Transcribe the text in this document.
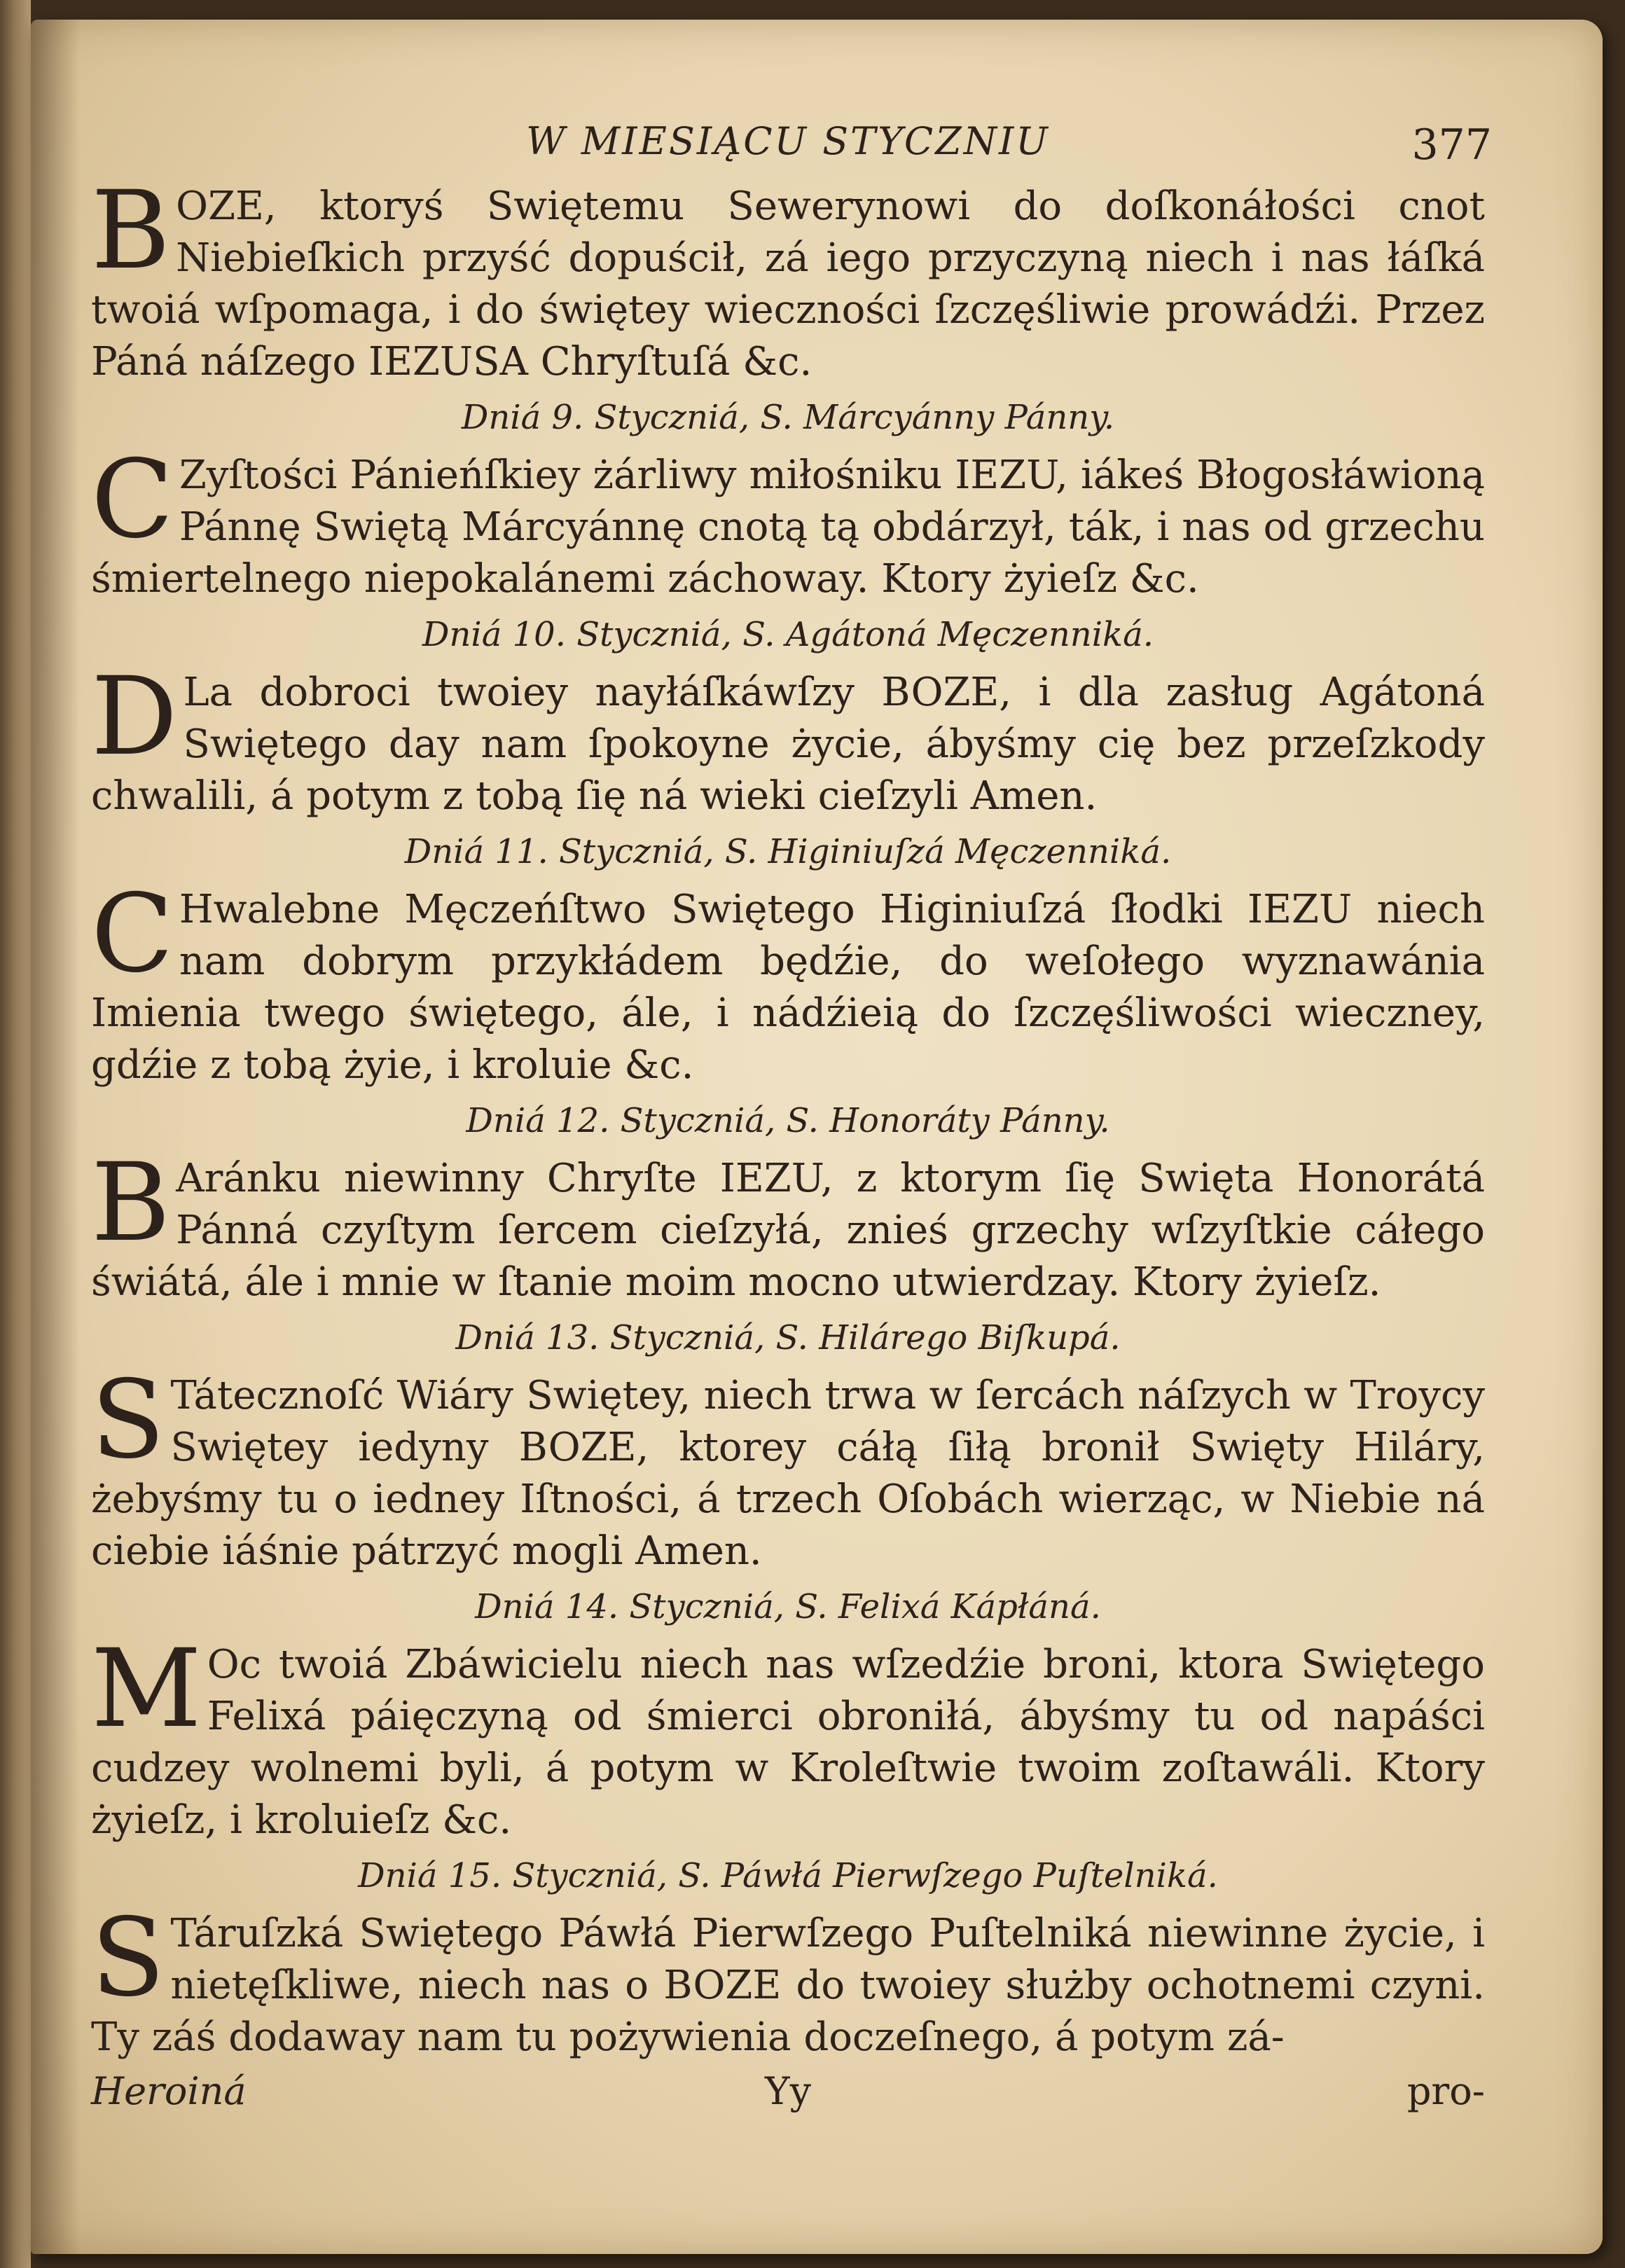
W MIESIĄCU STYCZNIU	377

BOZE, ktoryś Swiętemu Sewerynowi do doſkonáłości cnot Niebieſkich przyść dopuścił, zá iego przyczyną niech i nas łáſká twoiá wſpomaga, i do świętey wieczności ſzczęśliwie prowádźi. Przez Páná náſzego IEZUSA Chryſtuſá &c.

Dniá 9. Styczniá, S. Márcyánny Pánny.

C Zyſtości Pánieńſkiey żárliwy miłośniku IEZU, iákeś Błogosłáwioną Pánnę Swiętą Márcyánnę cnotą tą obdárzył, ták, i nas od grzechu śmiertelnego niepokalánemi záchoway. Ktory żyieſz &c.

Dniá 10. Styczniá, S. Agátoná Męczenniká.

D La dobroci twoiey nayłáſkáwſzy BOZE, i dla zasług Agátoná Swiętego day nam ſpokoyne życie, ábyśmy cię bez przeſzkody chwalili, á potym z tobą ſię ná wieki cieſzyli Amen.

Dniá 11. Styczniá, S. Higiniuſzá Męczenniká.

C Hwalebne Męczeńſtwo Swiętego Higiniuſzá ſłodki IEZU niech nam dobrym przykłádem będźie, do weſołego wyznawánia Imienia twego świętego, ále, i nádźieią do ſzczęśliwości wieczney, gdźie z tobą żyie, i kroluie &c.

Dniá 12. Styczniá, S. Honoráty Pánny.

B Aránku niewinny Chryſte IEZU, z ktorym ſię Swięta Honorátá Pánná czyſtym ſercem cieſzyłá, znieś grzechy wſzyſtkie cáłego świátá, ále i mnie w ſtanie moim mocno utwierdzay. Ktory żyieſz.

Dniá 13. Styczniá, S. Hilárego Biſkupá.

S Tátecznoſć Wiáry Swiętey, niech trwa w ſercách náſzych w Troycy Swiętey iedyny BOZE, ktorey cáłą ſiłą bronił Swięty Hiláry, żebyśmy tu o iedney Iſtności, á trzech Oſobách wierząc, w Niebie ná ciebie iáśnie pátrzyć mogli Amen.

Dniá 14. Styczniá, S. Felixá Kápłáná.

M Oc twoiá Zbáwicielu niech nas wſzedźie broni, ktora Swiętego Felixá páięczyną od śmierci obroniłá, ábyśmy tu od napáści cudzey wolnemi byli, á potym w Kroleſtwie twoim zoſtawáli. Ktory żyieſz, i kroluieſz &c.

Dniá 15. Styczniá, S. Páwłá Pierwſzego Puſtelniká.

S Táruſzká Swiętego Páwłá Pierwſzego Puſtelniká niewinne życie, i nietęſkliwe, niech nas o BOZE do twoiey służby ochotnemi czyni. Ty záś dodaway nam tu pożywienia doczeſnego, á potym zá-

Heroiná	Yy	pro-
